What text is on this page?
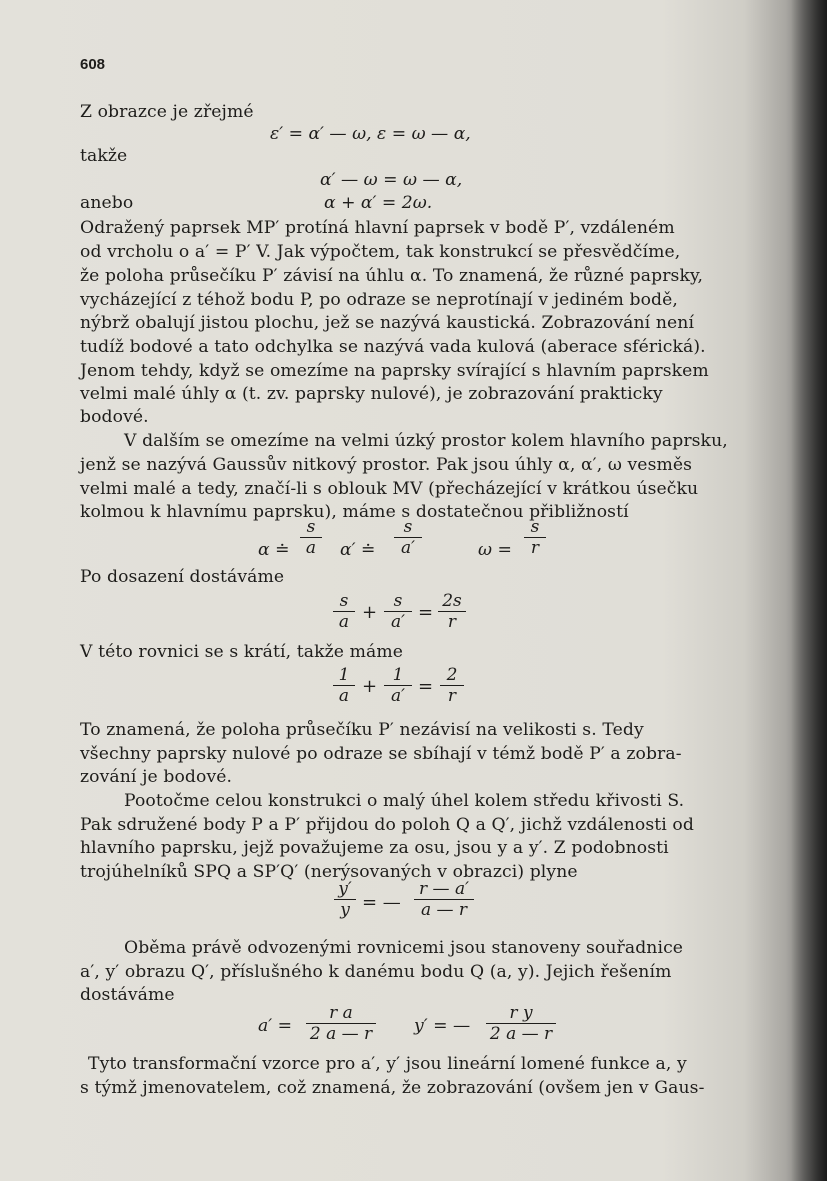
608
Z obrazce je zřejmé
ε′ = α′ — ω, ε = ω — α,
takže
α′ — ω = ω — α,
anebo	α + α′ = 2ω.
Odražený paprsek MP′ protíná hlavní paprsek v bodě P′, vzdáleném
od vrcholu o a′ = P′ V. Jak výpočtem, tak konstrukcí se přesvědčíme,
že poloha průsečíku P′ závisí na úhlu α. To znamená, že různé paprsky,
vycházející z téhož bodu P, po odraze se neprotínají v jediném bodě,
nýbrž obalují jistou plochu, jež se nazývá kaustická. Zobrazování není
tudíž bodové a tato odchylka se nazývá vada kulová (aberace sférická).
Jenom tehdy, když se omezíme na paprsky svírající s hlavním paprskem
velmi malé úhly α (t. zv. paprsky nulové), je zobrazování prakticky
bodové.
V dalším se omezíme na velmi úzký prostor kolem hlavního paprsku,
jenž se nazývá Gaussův nitkový prostor. Pak jsou úhly α, α′, ω vesměs
velmi malé a tedy, značí-li s oblouk MV (přecházející v krátkou úsečku
kolmou k hlavnímu paprsku), máme s dostatečnou přibližností
α ≐ $\frac{s}{a} \alpha'$ ≐ $\frac{s}{a'}$	$\omega = \frac{s}{r}$
Po dosazení dostáváme
$\frac{s}{a} + \frac{s}{a'} = \frac{2s}{r}$
V této rovnici se s krátí, takže máme
$\frac{1}{a} + \frac{1}{a'} = \frac{2}{r}$
To znamená, že poloha průsečíku P′ nezávisí na velikosti s. Tedy
všechny paprsky nulové po odraze se sbíhají v témž bodě P′ a zobra-
zování je bodové.
Pootočme celou konstrukci o malý úhel kolem středu křivosti S.
Pak sdružené body P a P′ přijdou do poloh Q a Q′, jichž vzdálenosti od
hlavního paprsku, jejž považujeme za osu, jsou y a y′. Z podobnosti
trojúhelníků SPQ a SP′Q′ (nerýsovaných v obrazci) plyne
$\frac{y'}{y}$ = — $\frac{r — a'}{a — r}$
Oběma právě odvozenými rovnicemi jsou stanoveny souřadnice
a′, y′ obrazu Q′, příslušného k danému bodu Q (a, y). Jejich řešením
dostáváme
$a' = \frac{\text{r a}}{2 a — r} y'$ = — $\frac{\text{r y}}{2 a — r}$
Tyto transformační vzorce pro a′, y′ jsou lineární lomené funkce a, y
s týmž jmenovatelem, což znamená, že zobrazování (ovšem jen v Gaus-
